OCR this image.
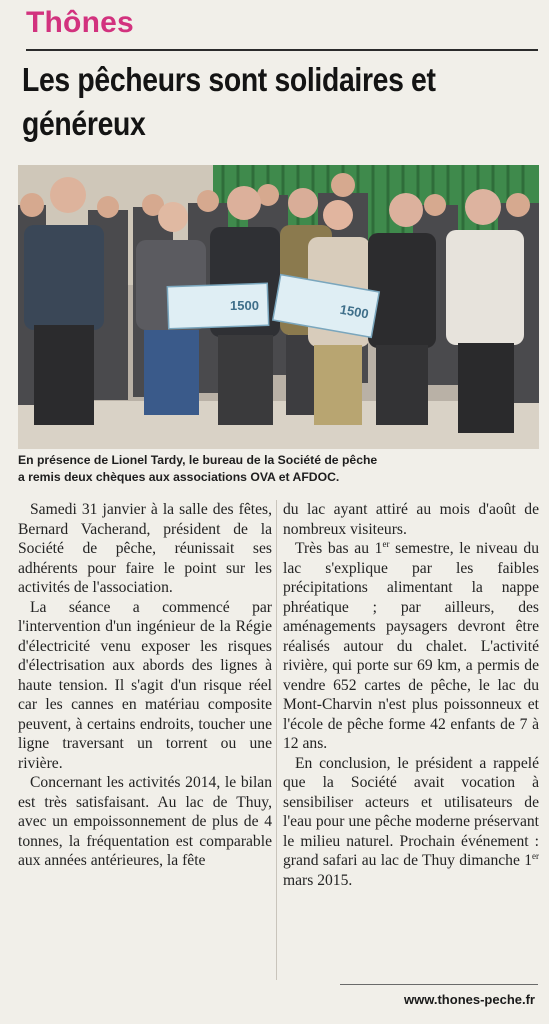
Thônes
Les pêcheurs sont solidaires et généreux
1500	1500
En présence de Lionel Tardy, le bureau de la Société de pêche
a remis deux chèques aux associations OVA et AFDOC.

Samedi 31 janvier à la salle des fêtes, Bernard Vacherand, président de la Société de pêche, réunissait ses adhérents pour faire le point sur les activités de l'association.

La séance a commencé par l'intervention d'un ingénieur de la Régie d'électricité venu exposer les risques d'électrisation aux abords des lignes à haute tension. Il s'agit d'un risque réel car les cannes en matériau composite peuvent, à certains endroits, toucher une ligne traversant un torrent ou une rivière.

Concernant les activités 2014, le bilan est très satisfaisant. Au lac de Thuy, avec un empoissonnement de plus de 4 tonnes, la fréquentation est comparable aux années antérieures, la fête

du lac ayant attiré au mois d'août de nombreux visiteurs.

Très bas au 1er semestre, le niveau du lac s'explique par les faibles précipitations alimentant la nappe phréatique ; par ailleurs, des aménagements paysagers devront être réalisés autour du chalet. L'activité rivière, qui porte sur 69 km, a permis de vendre 652 cartes de pêche, le lac du Mont-Charvin n'est plus poissonneux et l'école de pêche forme 42 enfants de 7 à 12 ans.

En conclusion, le président a rappelé que la Société avait vocation à sensibiliser acteurs et utilisateurs de l'eau pour une pêche moderne préservant le milieu naturel. Prochain événement : grand safari au lac de Thuy dimanche 1er mars 2015.

www.thones-peche.fr
